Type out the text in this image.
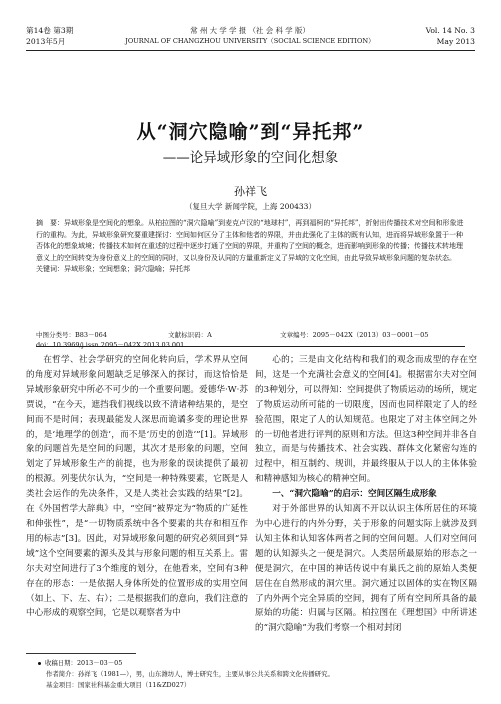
第14卷 第3期
2013年5月
常 州 大 学 学 报 （社 会 科 学 版）
JOURNAL OF CHANGZHOU UNIVERSITY（SOCIAL SCIENCE EDITION）
Vol. 14 No. 3
May 2013
从“洞穴隐喻”到“异托邦”
——论异域形象的空间化想象
孙祥飞
（复旦大学 新闻学院，上海 200433）

摘　要：异域形象是空间化的想象。从柏拉图的“洞穴隐喻”到麦克卢汉的“地球村”，再到福柯的“异托邦”，折射出传播技术对空间和形象进行的重构。为此，异域形象研究要重建探讨：空间如何区分了主体和他者的界限，并由此强化了主体的既有认知，进而将异域形象置于一种否体化的想象域境；传播技术如何在重述的过程中逐步打通了空间的界限，并重构了空间的概念，进而影响到形象的传播；传播技术转地理意义上的空间转变为身份意义上的空间的同时，又以身份及认同的方量重新定义了异域的文化空间，由此导致异域形象问题的复杂状态。

关键词：异域形象；空间想象；洞穴隐喻；异托邦

中图分类号：B83－064	文献标识码：A	文章编号：2095－042X（2013）03－0001－05
doi：10.3969/j.issn.2095－042X.2013.03.001

在哲学、社会学研究的空间化转向后，学术界从空间的角度对异域形象问题缺乏足够深入的探讨，而这恰恰是异域形象研究中所必不可少的一个重要问题。爱德华·W·苏贾说，“在今天，遮挡我们视线以致不清诸种结果的，是空间而不是时间；表现最能发人深思而诡谲多变的理论世界的，是‘地理学的创造’，而不是‘历史的创造’”[1]。异域形象的问题首先是空间的问题，其次才是形象的问题，空间划定了异域形象生产的前提，也为形象的误读提供了最初的根源。列斐伏尔认为，“空间是一种特殊要素，它既是人类社会运作的先决条件，又是人类社会实践的结果”[2]。在《外国哲学大辞典》中，“空间”被界定为“物质的广延性和伸张性”，是“一切物质系统中各个要素的共存和相互作用的标志”[3]。因此，对异域形象问题的研究必须回到“异域”这个空间要素的源头及其与形象问题的相互关系上。雷尔夫对空间进行了3个维度的划分，在他看来，空间有3种存在的形态：一是依据人身体所处的位置形成的实用空间（如上、下、左、右）；二是根据我们的意向，我们注意的中心形成的观察空间，它是以观察者为中

心的；三是由文化结构和我们的观念而成型的存在空间，这是一个充满社会意义的空间[4]。根据雷尔夫对空间的3种划分，可以得知：空间提供了物质运动的场所，规定了物质运动所可能的一切限度，因而也同样限定了人的经验范围，限定了人的认知规范。也限定了对主体空间之外的一切他者进行评判的原则和方法。但这3种空间并非各自独立，而是与传播技术、社会实践、群体文化紧密勾连的过程中，相互制约、规训，并最终服从于以人的主体体验和精神感知为核心的精神空间。

一、“洞穴隐喻”的启示：空间区隔生成形象

对于外部世界的认知离不开以认识主体所居住的环境为中心进行的内外分野，关于形象的问题实际上就涉及到认知主体和认知客体两者之间的空间问题。人们对空间问题的认知源头之一便是洞穴。人类居所最原始的形态之一便是洞穴，在中国的神话传说中有巢氏之前的原始人类便居住在自然形成的洞穴里。洞穴通过以固体的实在物区隔了内外两个完全异质的空间，拥有了所有空间所具备的最原始的功能：归属与区隔。柏拉图在《理想国》中所讲述的“洞穴隐喻”为我们考察一个相对封闭

收稿日期：2013－03－05
作者简介：孙祥飞（1981—），男，山东潍坊人，博士研究生，主要从事公共关系和跨文化传播研究。
基金项目：国家社科基金重大项目（11&ZD027）
